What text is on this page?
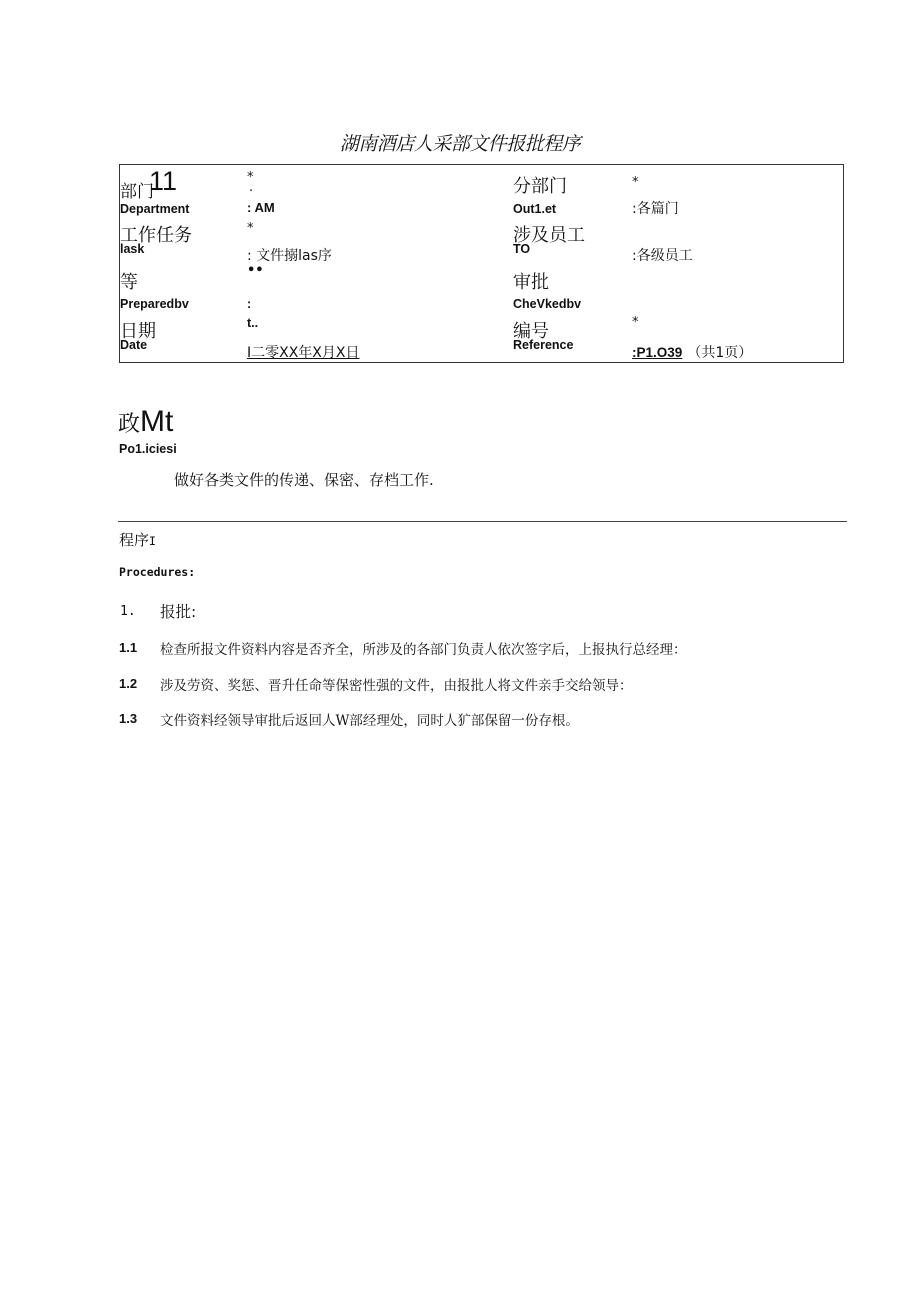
湖南酒店人采部文件报批程序
部门
11
Department
*
·
: AM
工作任务
lask
*
: 文件搦las序
等
••
Preparedbv	:
日期
Date
t..
I二零XX年X月X日
分部门
Out1.et
*
:各篇门
涉及员工
TO	:各级员工
审批
CheVkedbv
编号
Reference
*
:P1.O39 （共1页）
政Mt
Po1.iciesi
做好各类文件的传递、保密、存档工作.
程序I
Procedures:
1. 报批:
1.1 检查所报文件资料内容是否齐全，所涉及的各部门负责人依次签字后，上报执行总经理：
1.2 涉及劳资、奖惩、晋升任命等保密性强的文件，由报批人将文件亲手交给领导：
1.3 文件资料经领导审批后返回人W部经理处，同时人犷部保留一份存根。
